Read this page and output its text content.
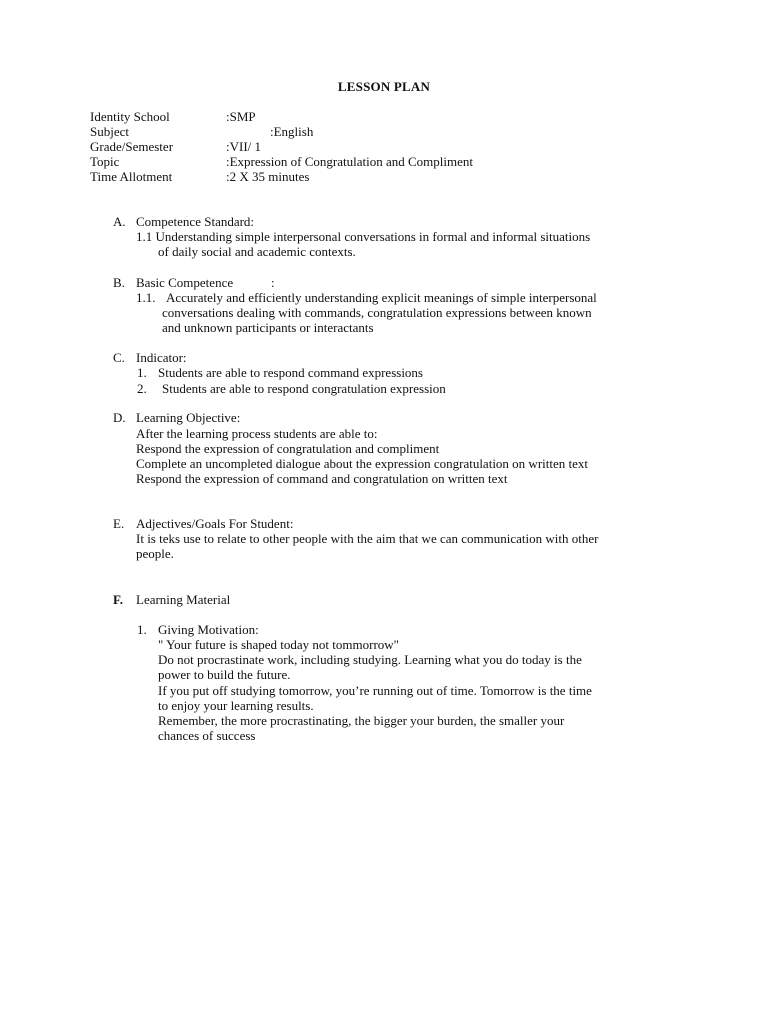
LESSON PLAN
Identity School	:SMP
Subject	:English
Grade/Semester	:VII/ 1
Topic	:Expression of Congratulation and Compliment
Time Allotment	:2 X 35 minutes
A. Competence Standard:
1.1 Understanding simple interpersonal conversations in formal and informal situations
of daily social and academic contexts.
B. Basic Competence	:
1.1. Accurately and efficiently understanding explicit meanings of simple interpersonal
conversations dealing with commands, congratulation expressions between known
and unknown participants or interactants
C. Indicator:
1. Students are able to respond command expressions
2. Students are able to respond congratulation expression
D. Learning Objective:
After the learning process students are able to:
Respond the expression of congratulation and compliment
Complete an uncompleted dialogue about the expression congratulation on written text
Respond the expression of command and congratulation on written text
E. Adjectives/Goals For Student:
It is teks use to relate to other people with the aim that we can communication with other
people.
F. Learning Material
1. Giving Motivation:
" Your future is shaped today not tommorrow"
Do not procrastinate work, including studying. Learning what you do today is the
power to build the future.
If you put off studying tomorrow, you’re running out of time. Tomorrow is the time
to enjoy your learning results.
Remember, the more procrastinating, the bigger your burden, the smaller your
chances of success
